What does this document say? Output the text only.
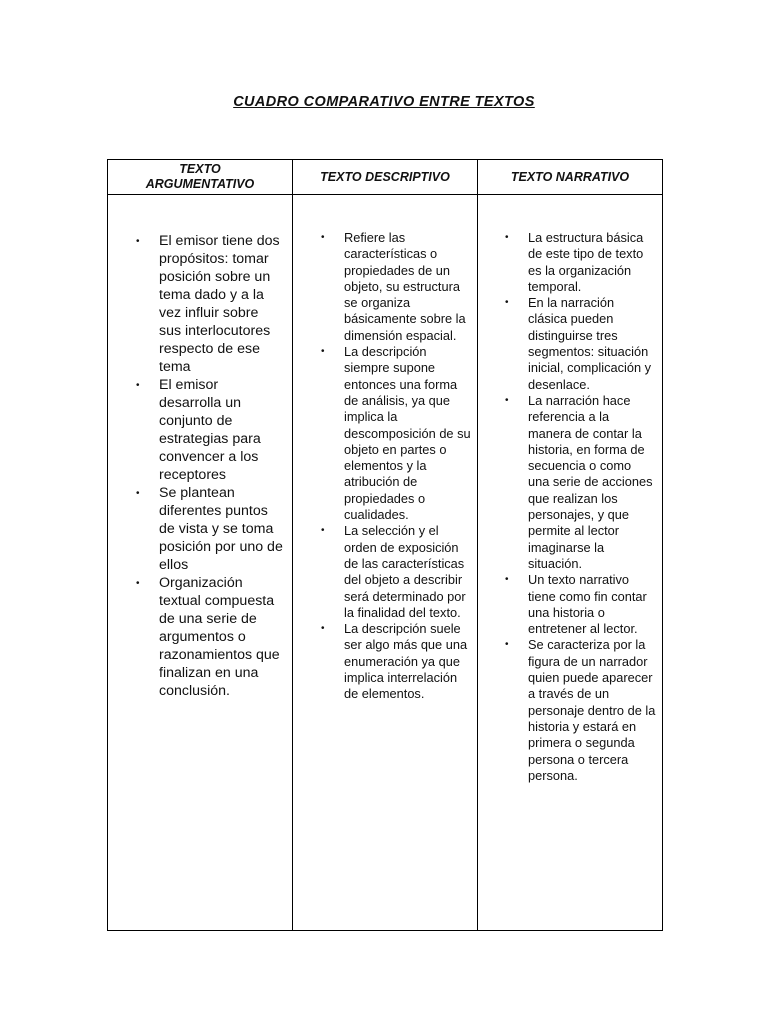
CUADRO COMPARATIVO ENTRE TEXTOS
TEXTO
ARGUMENTATIVO
TEXTO DESCRIPTIVO	TEXTO NARRATIVO
• El emisor tiene dos propósitos: tomar posición sobre un tema dado y a la vez influir sobre sus interlocutores respecto de ese tema
• El emisor desarrolla un conjunto de estrategias para convencer a los receptores
• Se plantean diferentes puntos de vista y se toma posición por uno de ellos
• Organización textual compuesta de una serie de argumentos o razonamientos que finalizan en una conclusión.
• Refiere las características o propiedades de un objeto, su estructura se organiza básicamente sobre la dimensión espacial.
• La descripción siempre supone entonces una forma de análisis, ya que implica la descomposición de su objeto en partes o elementos y la atribución de propiedades o cualidades.
• La selección y el orden de exposición de las características del objeto a describir será determinado por la finalidad del texto.
• La descripción suele ser algo más que una enumeración ya que implica interrelación de elementos.
• La estructura básica de este tipo de texto es la organización temporal.
• En la narración clásica pueden distinguirse tres segmentos: situación inicial, complicación y desenlace.
• La narración hace referencia a la manera de contar la historia, en forma de secuencia o como una serie de acciones que realizan los personajes, y que permite al lector imaginarse la situación.
• Un texto narrativo tiene como fin contar una historia o entretener al lector.
• Se caracteriza por la figura de un narrador quien puede aparecer a través de un personaje dentro de la historia y estará en primera o segunda persona o tercera persona.
